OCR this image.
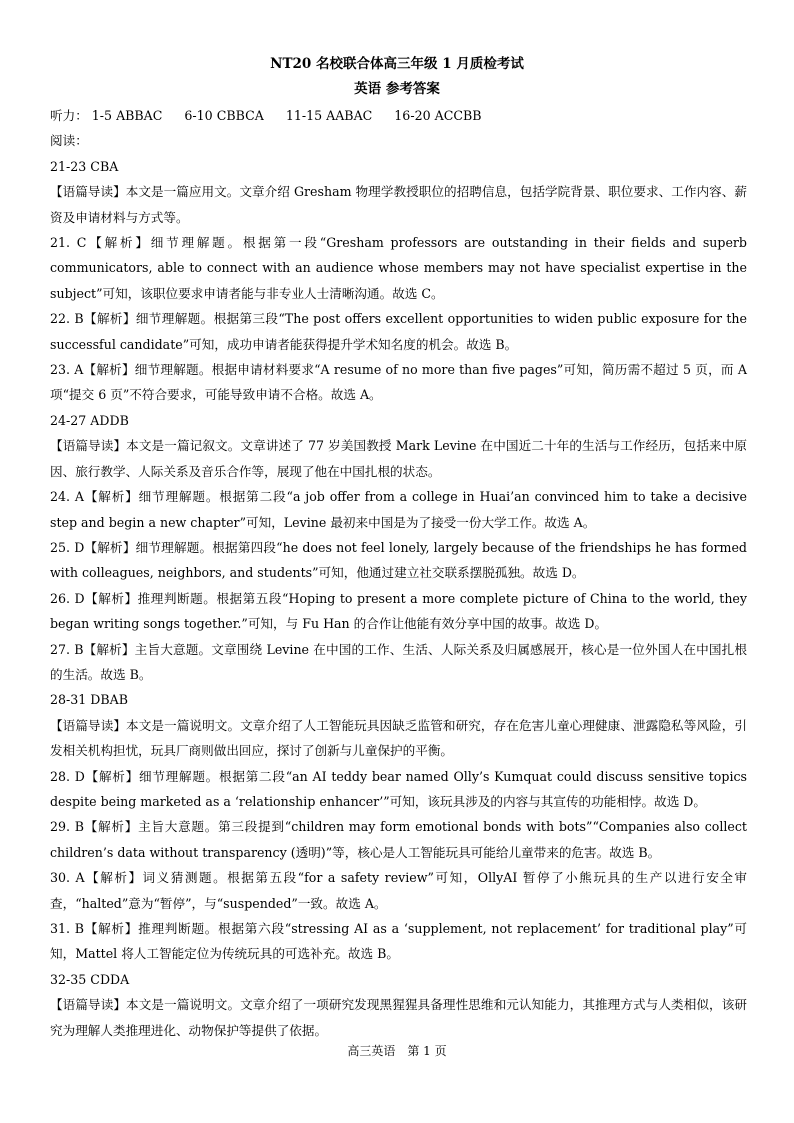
NT20 名校联合体高三年级 1 月质检考试
英语 参考答案

听力： 1-5 ABBAC 6-10 CBBCA 11-15 AABAC 16-20 ACCBB

阅读：

21-23 CBA

【语篇导读】本文是一篇应用文。文章介绍 Gresham 物理学教授职位的招聘信息，包括学院背景、职位要求、工作内容、薪资及申请材料与方式等。

21. C【解析】细节理解题。根据第一段“Gresham professors are outstanding in their fields and superb communicators, able to connect with an audience whose members may not have specialist expertise in the subject”可知，该职位要求申请者能与非专业人士清晰沟通。故选 C。

22. B【解析】细节理解题。根据第三段“The post offers excellent opportunities to widen public exposure for the successful candidate”可知，成功申请者能获得提升学术知名度的机会。故选 B。

23. A【解析】细节理解题。根据申请材料要求“A resume of no more than five pages”可知，简历需不超过 5 页，而 A 项“提交 6 页”不符合要求，可能导致申请不合格。故选 A。

24-27 ADDB

【语篇导读】本文是一篇记叙文。文章讲述了 77 岁美国教授 Mark Levine 在中国近二十年的生活与工作经历，包括来中原因、旅行教学、人际关系及音乐合作等，展现了他在中国扎根的状态。

24. A【解析】细节理解题。根据第二段“a job offer from a college in Huai’an convinced him to take a decisive step and begin a new chapter”可知，Levine 最初来中国是为了接受一份大学工作。故选 A。

25. D【解析】细节理解题。根据第四段“he does not feel lonely, largely because of the friendships he has formed with colleagues, neighbors, and students”可知，他通过建立社交联系摆脱孤独。故选 D。

26. D【解析】推理判断题。根据第五段“Hoping to present a more complete picture of China to the world, they began writing songs together.”可知，与 Fu Han 的合作让他能有效分享中国的故事。故选 D。

27. B【解析】主旨大意题。文章围绕 Levine 在中国的工作、生活、人际关系及归属感展开，核心是一位外国人在中国扎根的生活。故选 B。

28-31 DBAB

【语篇导读】本文是一篇说明文。文章介绍了人工智能玩具因缺乏监管和研究，存在危害儿童心理健康、泄露隐私等风险，引发相关机构担忧，玩具厂商则做出回应，探讨了创新与儿童保护的平衡。

28. D【解析】细节理解题。根据第二段“an AI teddy bear named Olly’s Kumquat could discuss sensitive topics despite being marketed as a ‘relationship enhancer’”可知，该玩具涉及的内容与其宣传的功能相悖。故选 D。

29. B【解析】主旨大意题。第三段提到“children may form emotional bonds with bots”“Companies also collect children’s data without transparency (透明)”等，核心是人工智能玩具可能给儿童带来的危害。故选 B。

30. A【解析】词义猜测题。根据第五段“for a safety review”可知，OllyAI 暂停了小熊玩具的生产以进行安全审查，“halted”意为“暂停”，与“suspended”一致。故选 A。

31. B【解析】推理判断题。根据第六段“stressing AI as a ‘supplement, not replacement’ for traditional play”可知，Mattel 将人工智能定位为传统玩具的可选补充。故选 B。

32-35 CDDA

【语篇导读】本文是一篇说明文。文章介绍了一项研究发现黑猩猩具备理性思维和元认知能力，其推理方式与人类相似，该研究为理解人类推理进化、动物保护等提供了依据。

高三英语　第 1 页
